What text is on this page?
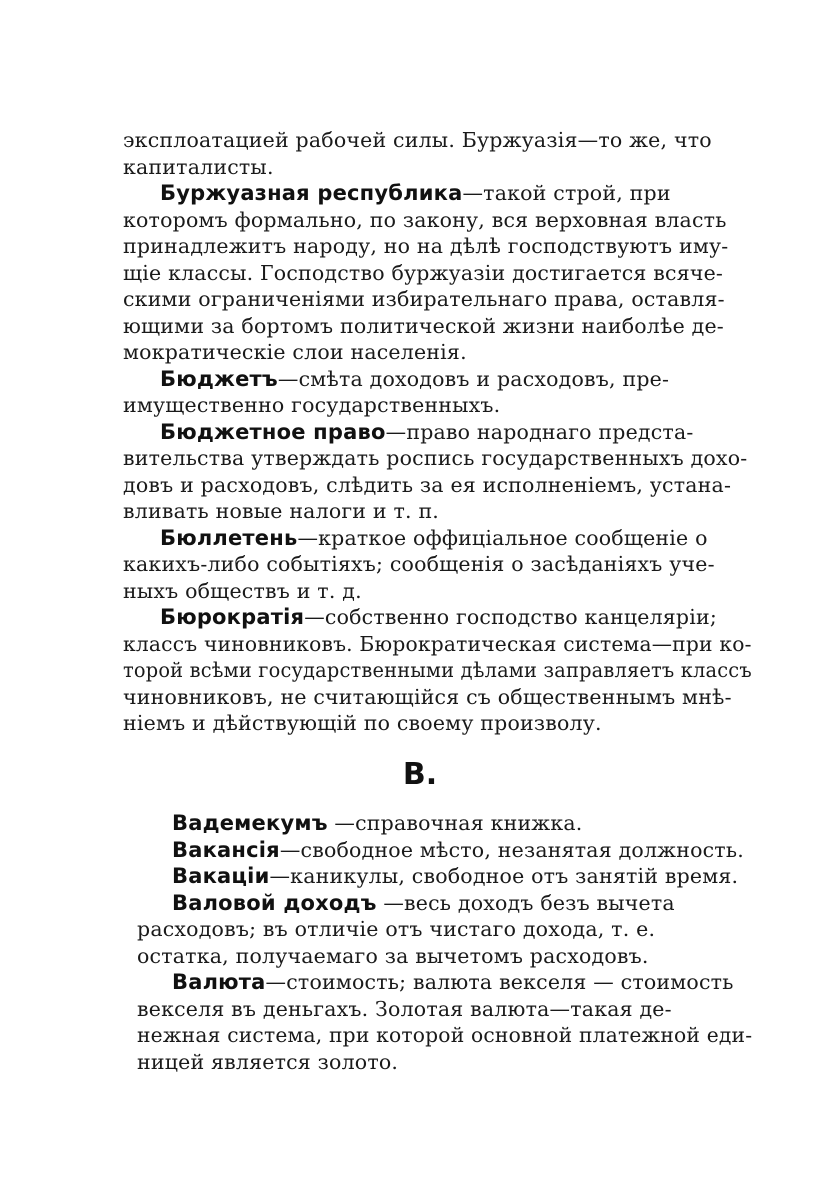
эксплоатацией рабочей силы. Буржуазія—то же, что
капиталисты.
Буржуазная республика—такой строй, при
которомъ формально, по закону, вся верховная власть
принадлежитъ народу, но на дѣлѣ господствуютъ иму-
щіе классы. Господство буржуазіи достигается всяче-
скими ограниченіями избирательнаго права, оставля-
ющими за бортомъ политической жизни наиболѣе де-
мократическіе слои населенія.
Бюджетъ—смѣта доходовъ и расходовъ, пре-
имущественно государственныхъ.
Бюджетное право—право народнаго предста-
вительства утверждать роспись государственныхъ дохо-
довъ и расходовъ, слѣдить за ея исполненіемъ, устана-
вливать новые налоги и т. п.
Бюллетень—краткое оффиціальное сообщеніе о
какихъ-либо событіяхъ; сообщенія о засѣданіяхъ уче-
ныхъ обществъ и т. д.
Бюрократія—собственно господство канцеляріи;
классъ чиновниковъ. Бюрократическая система—при ко-
торой всѣми государственными дѣлами заправляетъ классъ
чиновниковъ, не считающійся съ общественнымъ мнѣ-
ніемъ и дѣйствующій по своему произволу.
В.
Вадемекумъ —справочная книжка.
Вакансія—свободное мѣсто, незанятая должность.
Вакаціи—каникулы, свободное отъ занятій время.
Валовой доходъ —весь доходъ безъ вычета
расходовъ; въ отличіе отъ чистаго дохода, т. е.
остатка, получаемаго за вычетомъ расходовъ.
Валюта—стоимость; валюта векселя — стоимость
векселя въ деньгахъ. Золотая валюта—такая де-
нежная система, при которой основной платежной еди-
ницей является золото.
